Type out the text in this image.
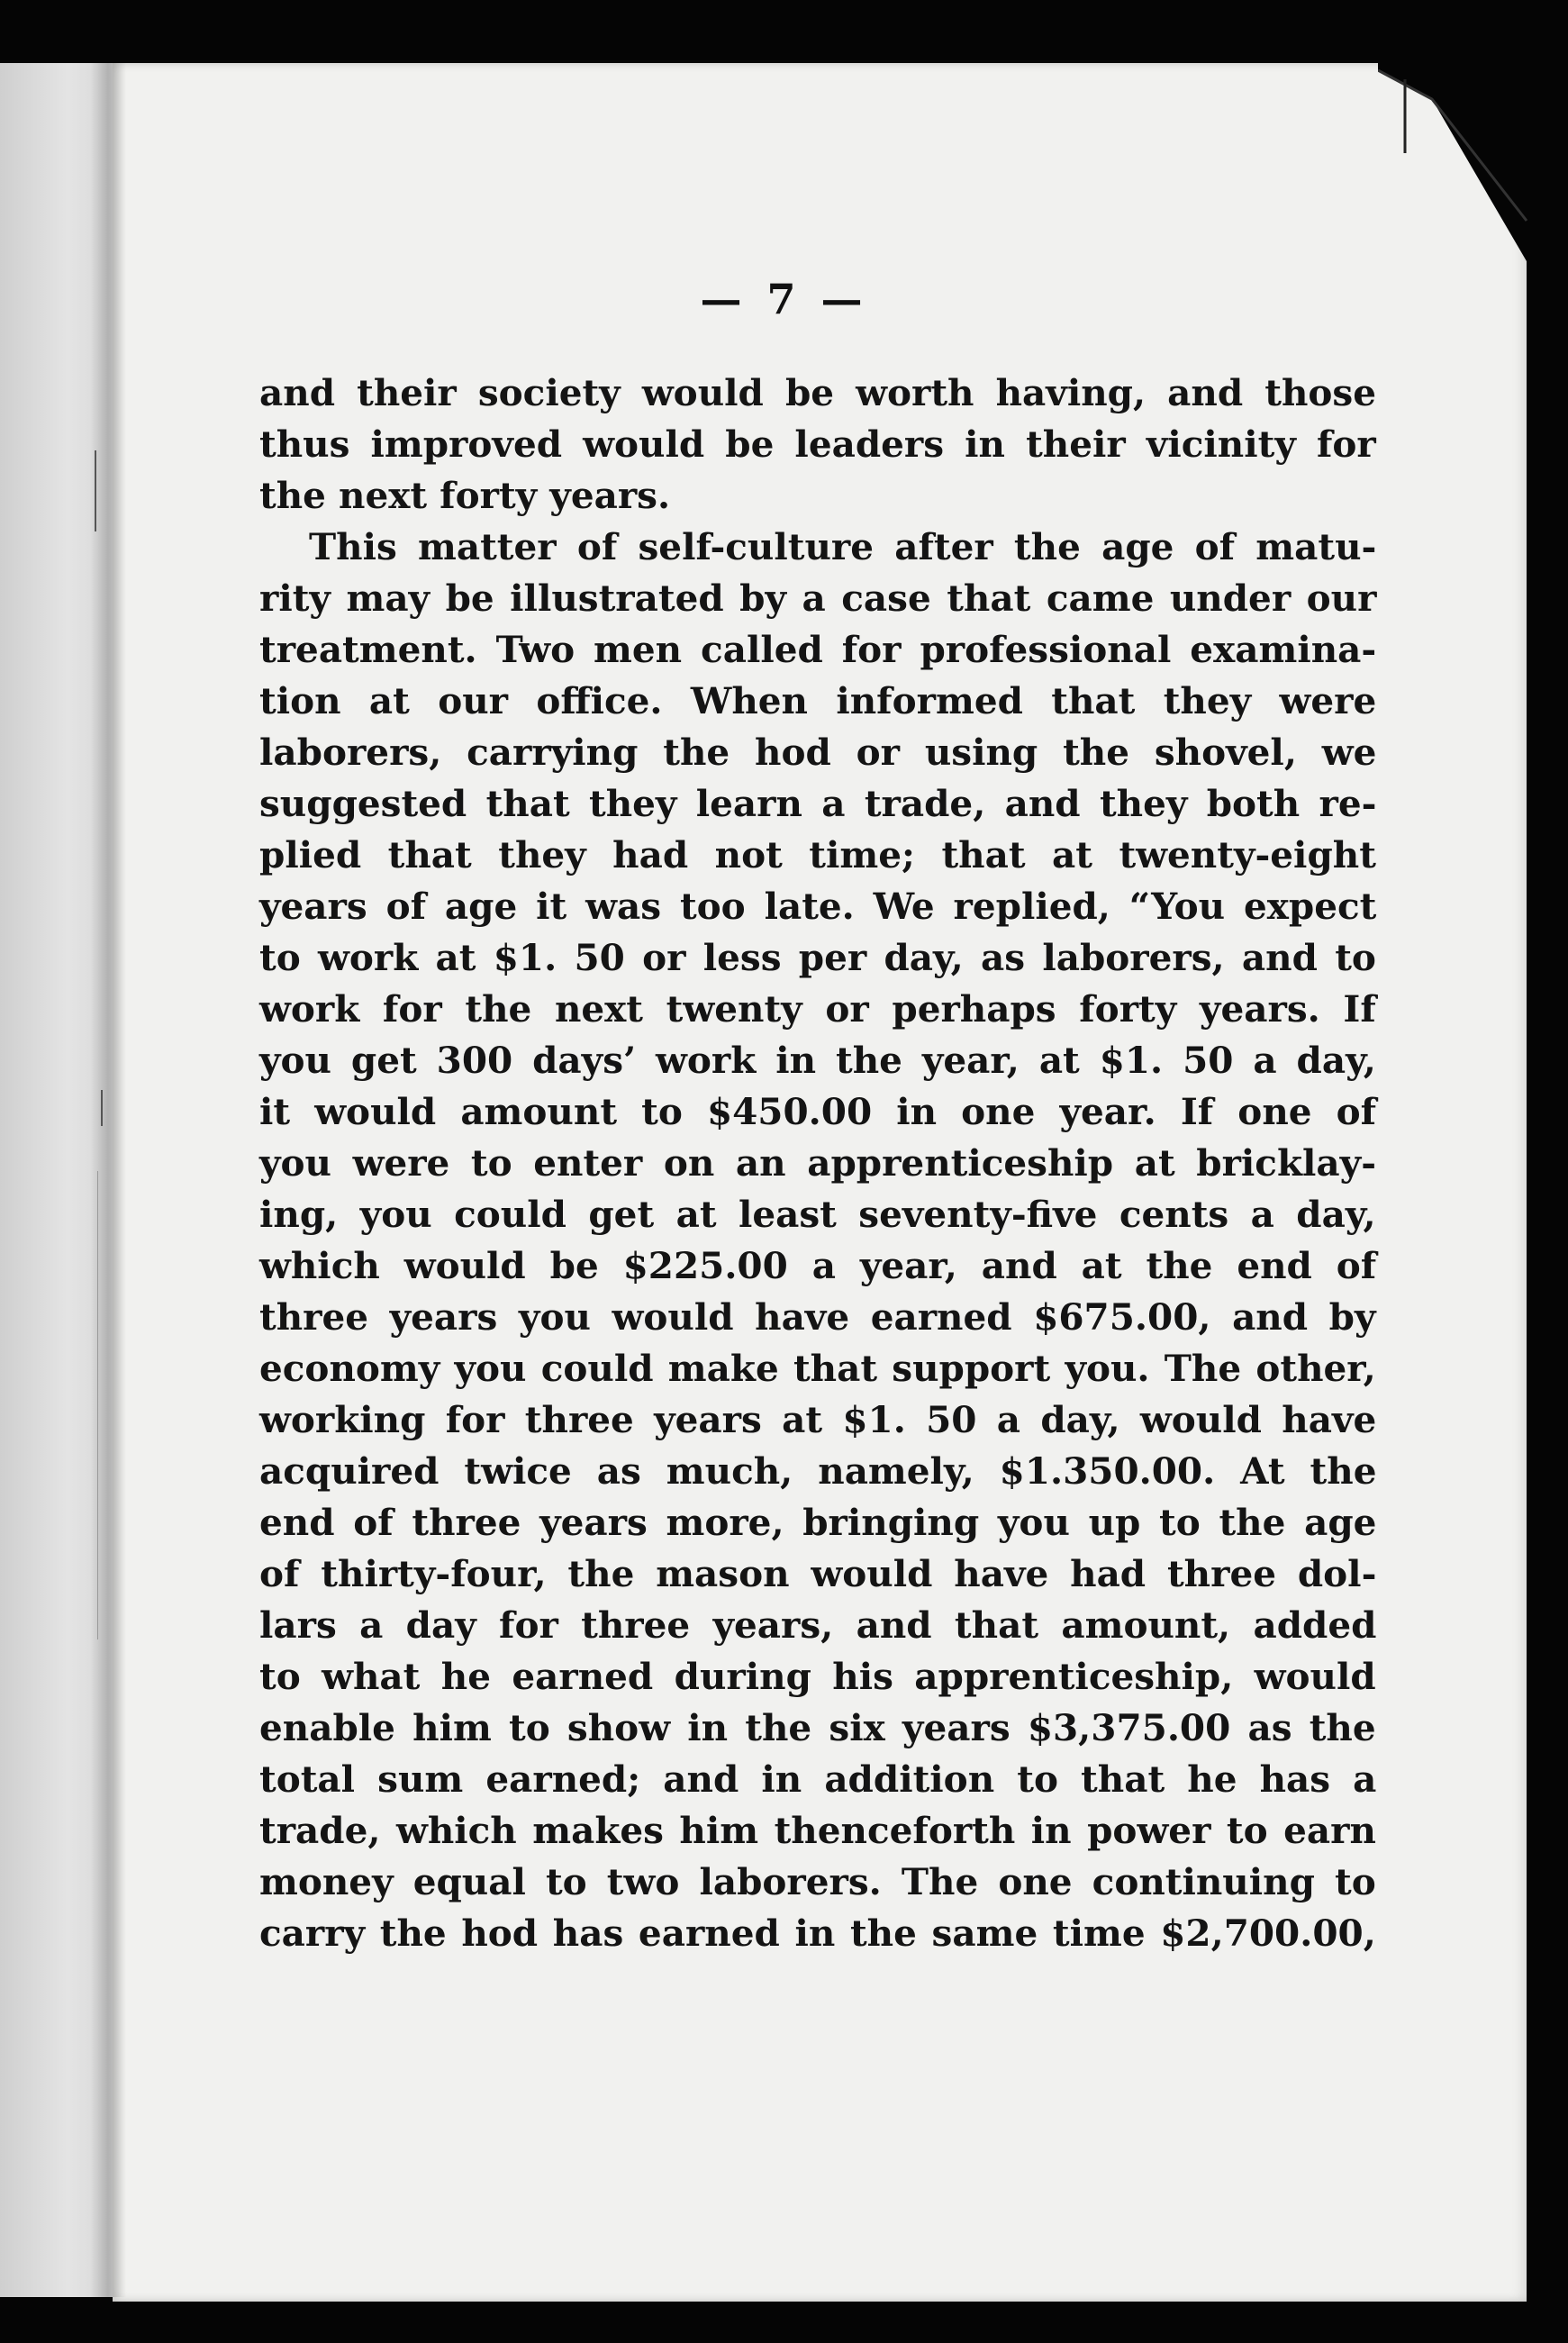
— 7 —
and their society would be worth having, and those
thus improved would be leaders in their vicinity for
the next forty years.
This matter of self-culture after the age of matu-
rity may be illustrated by a case that came under our
treatment. Two men called for professional examina-
tion at our office. When informed that they were
laborers, carrying the hod or using the shovel, we
suggested that they learn a trade, and they both re-
plied that they had not time; that at twenty-eight
years of age it was too late. We replied, “You expect
to work at $1. 50 or less per day, as laborers, and to
work for the next twenty or perhaps forty years. If
you get 300 days’ work in the year, at $1. 50 a day,
it would amount to $450.00 in one year. If one of
you were to enter on an apprenticeship at bricklay-
ing, you could get at least seventy-five cents a day,
which would be $225.00 a year, and at the end of
three years you would have earned $675.00, and by
economy you could make that support you. The other,
working for three years at $1. 50 a day, would have
acquired twice as much, namely, $1.350.00. At the
end of three years more, bringing you up to the age
of thirty-four, the mason would have had three dol-
lars a day for three years, and that amount, added
to what he earned during his apprenticeship, would
enable him to show in the six years $3,375.00 as the
total sum earned; and in addition to that he has a
trade, which makes him thenceforth in power to earn
money equal to two laborers. The one continuing to
carry the hod has earned in the same time $2,700.00,
